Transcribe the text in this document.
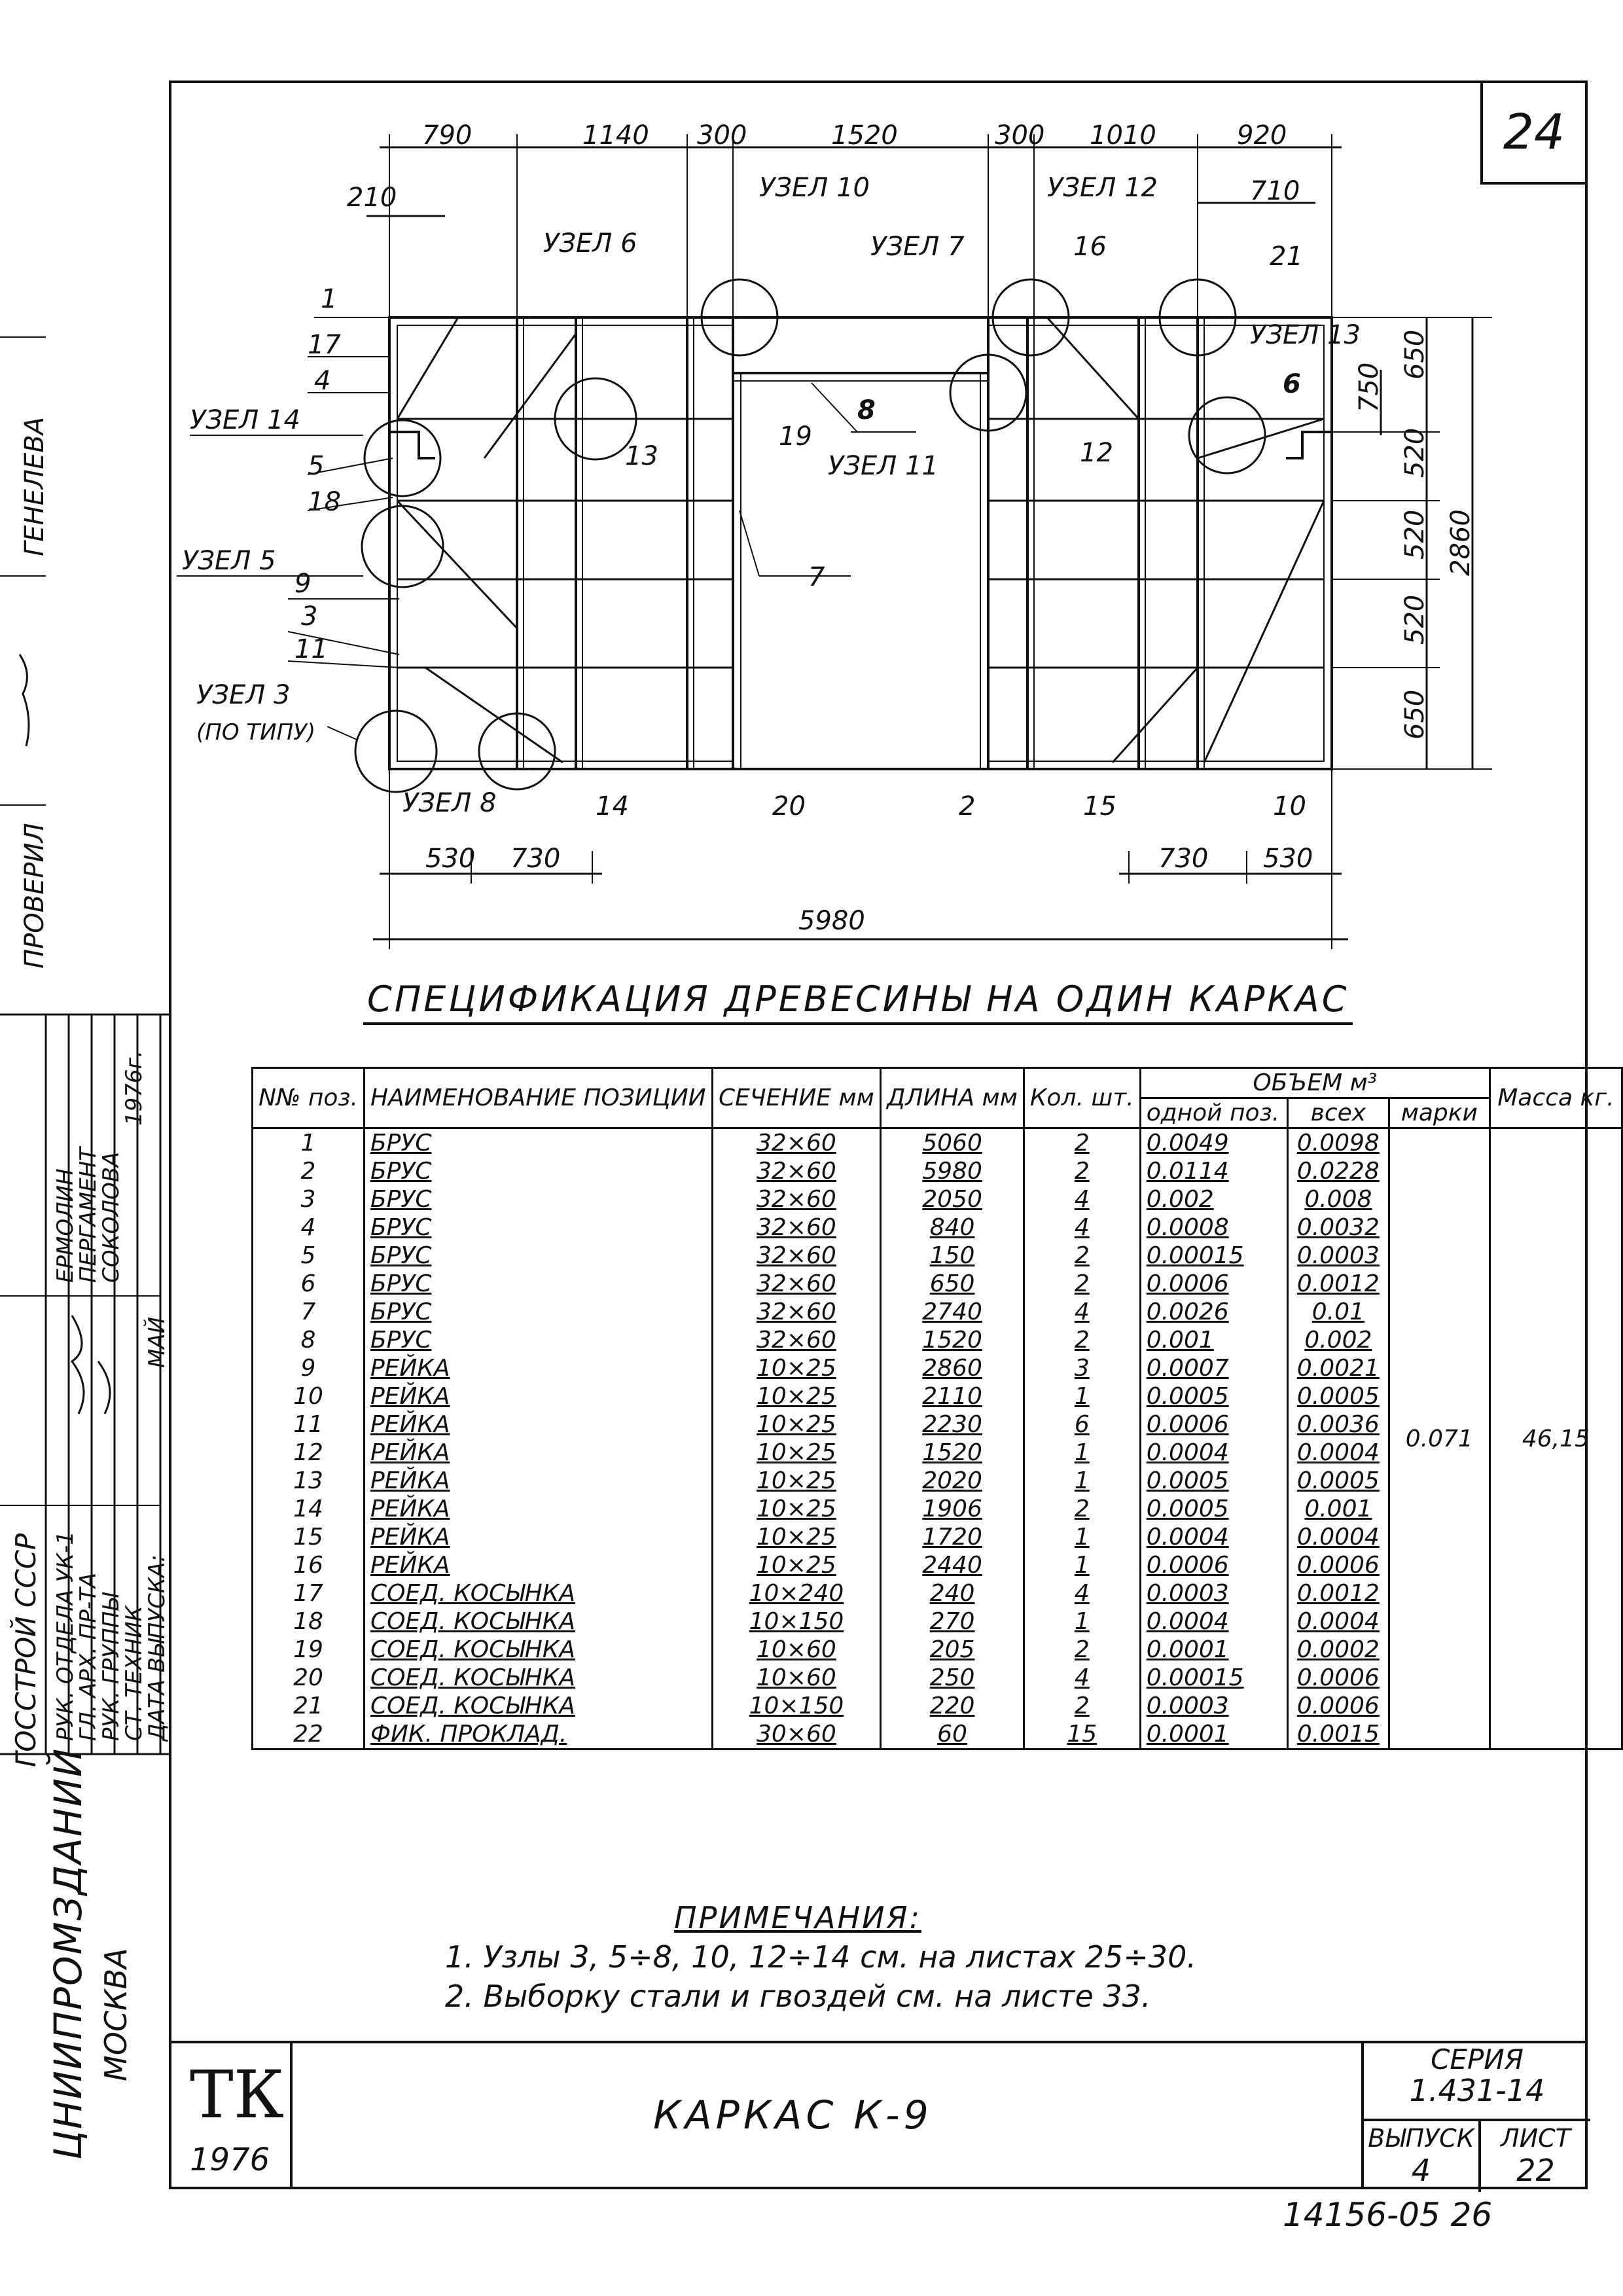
24
ЦНИИПРОМЗДАНИЙ МОСКВА
ГОССТРОЙ СССР
ПРОВЕРИЛ
ГЕНЕЛЕВА
РУК. ОТДЕЛА УК-1
ГЛ. АРХ. ПР-ТА
РУК. ГРУППЫ
СТ. ТЕХНИК
ДАТА ВЫПУСКА:
ЕРМОЛИН
ПЕРГАМЕНТ
СОКОЛОВА
1976г.
МАЙ
790	1140 300	1520	300 1010	920
210	710
530 730	730 530
5980
УЗЕЛ 10	УЗЕЛ 12
УЗЕЛ 6	УЗЕЛ 7
УЗЕЛ 13
УЗЕЛ 14
УЗЕЛ 11
УЗЕЛ 5
УЗЕЛ 3
(ПО ТИПУ)
УЗЕЛ 8
1
17
4
5
18
9
3
11
13
19
8
7
12
16	21
6
14	20	2	15	10
650
520
520
520
650
750
2860
СПЕЦИФИКАЦИЯ ДРЕВЕСИНЫ НА ОДИН КАРКАС
N№ поз.	НАИМЕНОВАНИЕ ПОЗИЦИИ	СЕЧЕНИЕ мм	ДЛИНА мм	Кол. шт.	ОБЪЕМ м³			Масса кг.
					одной поз.	всех	марки	
1	БРУС	32×60	5060	2	0.0049	0.0098	0.071	46,15
2	БРУС	32×60	5980	2	0.0114	0.0228		
3	БРУС	32×60	2050	4	0.002	0.008		
4	БРУС	32×60	840	4	0.0008	0.0032		
5	БРУС	32×60	150	2	0.00015	0.0003		
6	БРУС	32×60	650	2	0.0006	0.0012		
7	БРУС	32×60	2740	4	0.0026	0.01		
8	БРУС	32×60	1520	2	0.001	0.002		
9	РЕЙКА	10×25	2860	3	0.0007	0.0021		
10	РЕЙКА	10×25	2110	1	0.0005	0.0005		
11	РЕЙКА	10×25	2230	6	0.0006	0.0036		
12	РЕЙКА	10×25	1520	1	0.0004	0.0004		
13	РЕЙКА	10×25	2020	1	0.0005	0.0005		
14	РЕЙКА	10×25	1906	2	0.0005	0.001		
15	РЕЙКА	10×25	1720	1	0.0004	0.0004		
16	РЕЙКА	10×25	2440	1	0.0006	0.0006		
17	СОЕД. КОСЫНКА	10×240	240	4	0.0003	0.0012		
18	СОЕД. КОСЫНКА	10×150	270	1	0.0004	0.0004		
19	СОЕД. КОСЫНКА	10×60	205	2	0.0001	0.0002		
20	СОЕД. КОСЫНКА	10×60	250	4	0.00015	0.0006		
21	СОЕД. КОСЫНКА	10×150	220	2	0.0003	0.0006		
22	ФИК. ПРОКЛАД.	30×60	60	15	0.0001	0.0015		
ПРИМЕЧАНИЯ:
1. Узлы 3, 5÷8, 10, 12÷14 см. на листах 25÷30.
2. Выборку стали и гвоздей см. на листе 33.
ТК
1976
КАРКАС К-9
СЕРИЯ
1.431-14
ВЫПУСК
4
ЛИСТ
22
14156-05 26
